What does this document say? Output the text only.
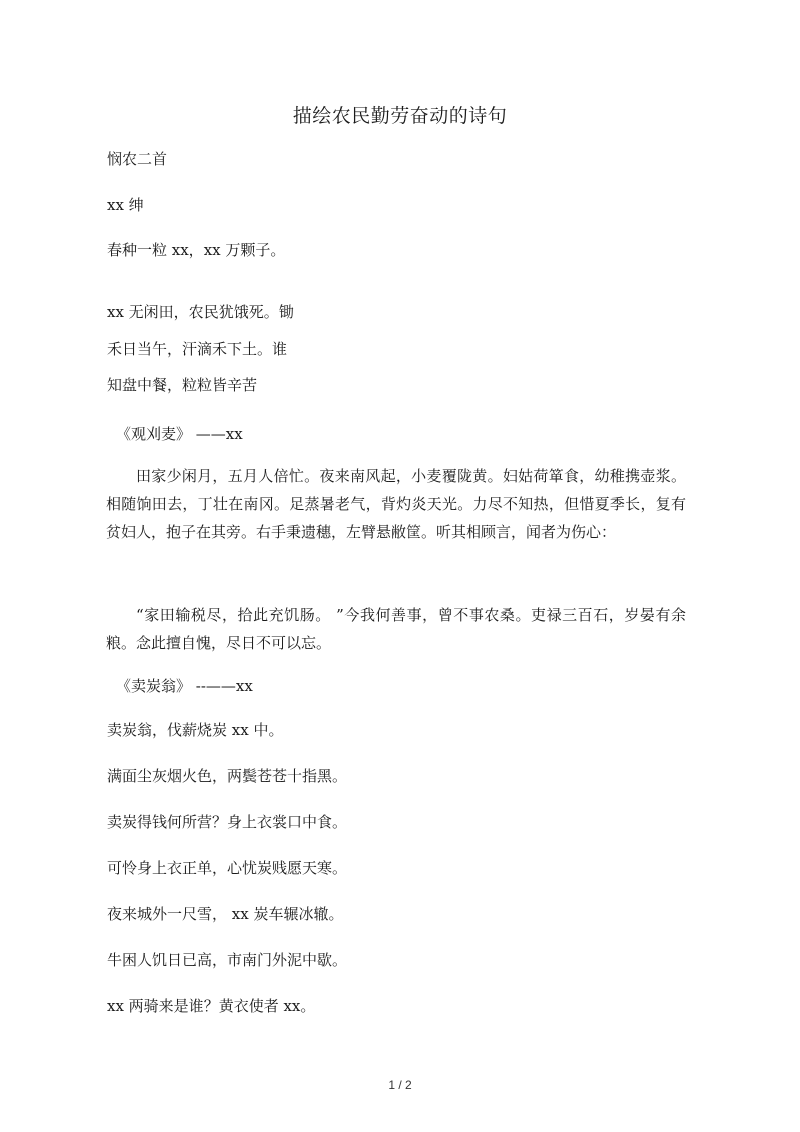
描绘农民勤劳奋动的诗句
悯农二首
xx 绅
春种一粒 xx，xx 万颗子。
xx 无闲田，农民犹饿死。锄
禾日当午，汗滴禾下土。谁
知盘中餐，粒粒皆辛苦
《观刈麦》 ——xx
田家少闲月，五月人倍忙。夜来南风起，小麦覆陇黄。妇姑荷箪食，幼稚携壶浆。相随饷田去，丁壮在南冈。足蒸暑老气，背灼炎天光。力尽不知热，但惜夏季长，复有贫妇人，抱子在其旁。右手秉遗穗，左臂悬敝筐。听其相顾言，闻者为伤心：
“家田输税尽，拾此充饥肠。 ”今我何善事，曾不事农桑。吏禄三百石，岁晏有余粮。念此擅自愧，尽日不可以忘。
《卖炭翁》 --——xx
卖炭翁，伐薪烧炭 xx 中。
满面尘灰烟火色，两鬓苍苍十指黑。
卖炭得钱何所营？身上衣裳口中食。
可怜身上衣正单，心忧炭贱愿天寒。
夜来城外一尺雪， xx 炭车辗冰辙。
牛困人饥日已高，市南门外泥中歇。
xx 两骑来是谁？黄衣使者 xx。
1 / 2
